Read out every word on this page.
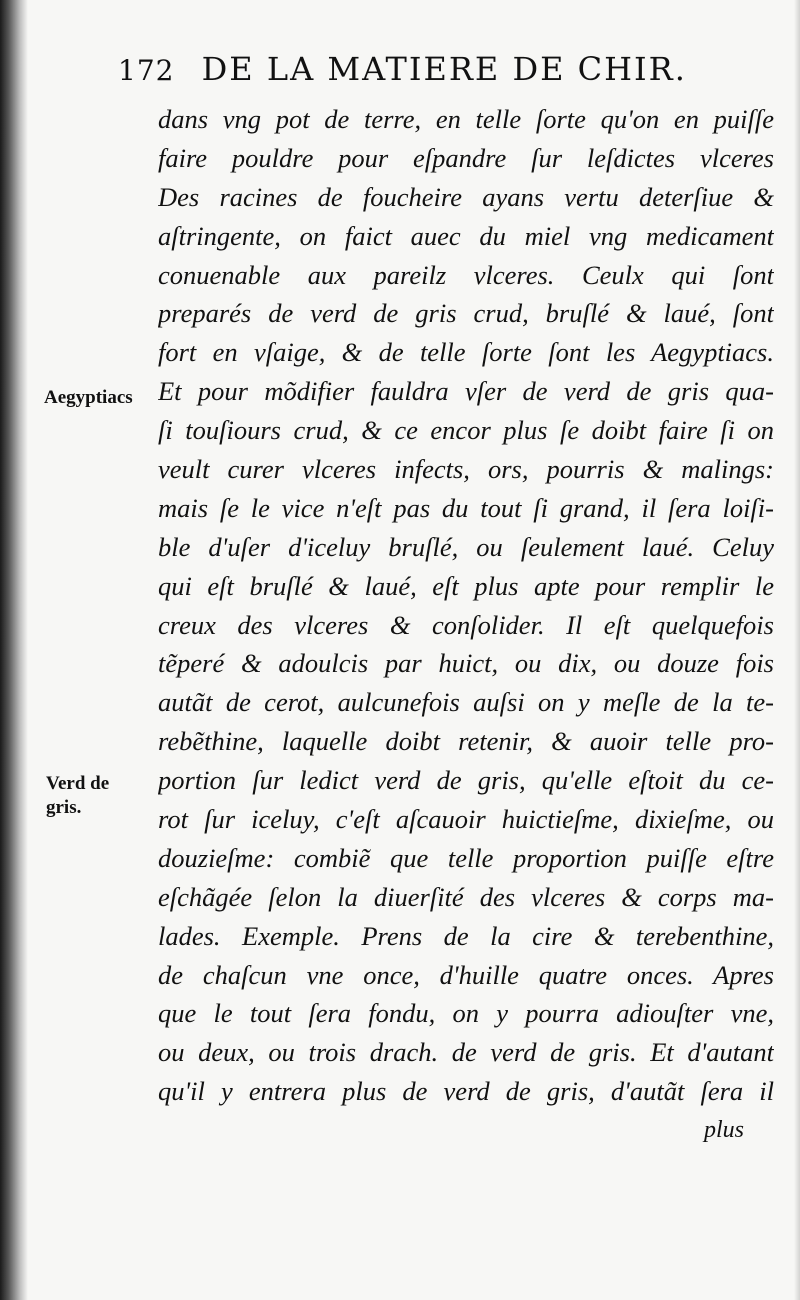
172 DE LA MATIERE DE CHIR.
Aegyptiacs
Verd de
gris.
dans vng pot de terre, en telle ſorte qu'on en puiſſe
faire pouldre pour eſpandre ſur leſdictes vlceres
Des racines de foucheire ayans vertu deterſiue &
aſtringente, on faict auec du miel vng medicament
conuenable aux pareilz vlceres. Ceulx qui ſont
preparés de verd de gris crud, bruſlé & laué, ſont
fort en vſaige, & de telle ſorte ſont les Aegyptiacs.
Et pour mõdifier fauldra vſer de verd de gris qua-
ſi touſiours crud, & ce encor plus ſe doibt faire ſi on
veult curer vlceres infects, ors, pourris & malings:
mais ſe le vice n'eſt pas du tout ſi grand, il ſera loiſi-
ble d'uſer d'iceluy bruſlé, ou ſeulement laué. Celuy
qui eſt bruſlé & laué, eſt plus apte pour remplir le
creux des vlceres & conſolider. Il eſt quelquefois
tẽperé & adoulcis par huict, ou dix, ou douze fois
autãt de cerot, aulcunefois auſsi on y meſle de la te-
rebẽthine, laquelle doibt retenir, & auoir telle pro-
portion ſur ledict verd de gris, qu'elle eſtoit du ce-
rot ſur iceluy, c'eſt aſcauoir huictieſme, dixieſme, ou
douzieſme: combiẽ que telle proportion puiſſe eſtre
eſchãgée ſelon la diuerſité des vlceres & corps ma-
lades. Exemple. Prens de la cire & terebenthine,
de chaſcun vne once, d'huille quatre onces. Apres
que le tout ſera fondu, on y pourra adiouſter vne,
ou deux, ou trois drach. de verd de gris. Et d'autant
qu'il y entrera plus de verd de gris, d'autãt ſera il
plus
